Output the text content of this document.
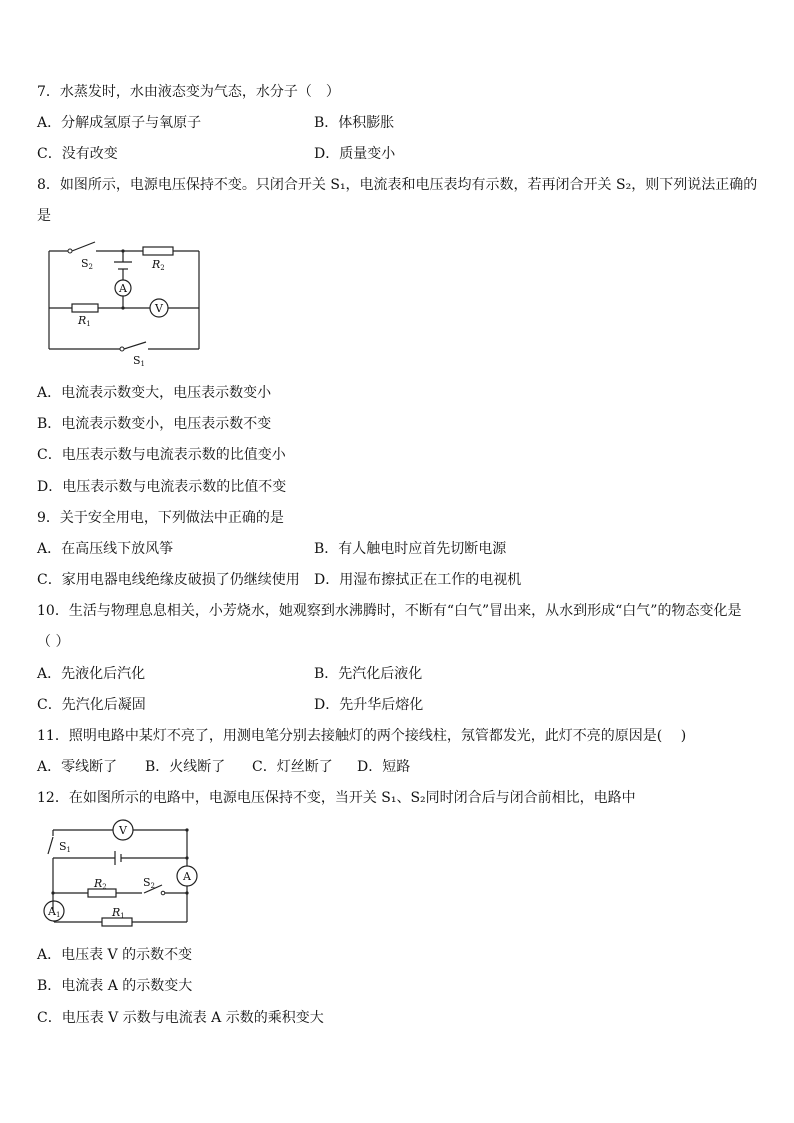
7．水蒸发时，水由液态变为气态，水分子（　）
A．分解成氢原子与氧原子	B．体积膨胀
C．没有改变	D．质量变小
8．如图所示，电源电压保持不变。只闭合开关 S₁，电流表和电压表均有示数，若再闭合开关 S₂，则下列说法正确的
是
S2	R2
A
V
R1
S1
A．电流表示数变大，电压表示数变小
B．电流表示数变小，电压表示数不变
C．电压表示数与电流表示数的比值变小
D．电压表示数与电流表示数的比值不变
9．关于安全用电，下列做法中正确的是
A．在高压线下放风筝	B．有人触电时应首先切断电源
C．家用电器电线绝缘皮破损了仍继续使用 D．用湿布擦拭正在工作的电视机
10．生活与物理息息相关，小芳烧水，她观察到水沸腾时，不断有“白气”冒出来，从水到形成“白气”的物态变化是
（ ）
A．先液化后汽化	B．先汽化后液化
C．先汽化后凝固	D．先升华后熔化
11．照明电路中某灯不亮了，用测电笔分别去接触灯的两个接线柱，氖管都发光，此灯不亮的原因是(　 )
A．零线断了 B．火线断了 C．灯丝断了 D．短路
12．在如图所示的电路中，电源电压保持不变，当开关 S₁、S₂同时闭合后与闭合前相比，电路中
V
S1
A
R2	S2
A1	R1
A．电压表 V 的示数不变
B．电流表 A 的示数变大
C．电压表 V 示数与电流表 A 示数的乘积变大
